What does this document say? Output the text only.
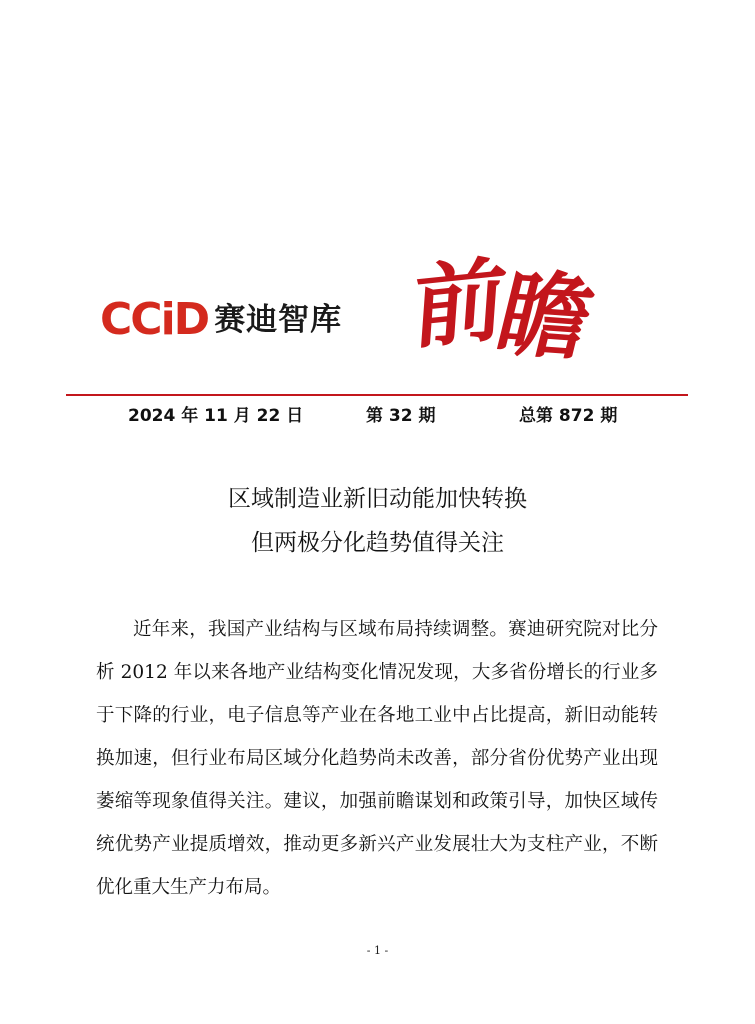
CCiD 赛迪智库 前瞻
2024 年 11 月 22 日	第 32 期	总第 872 期
区域制造业新旧动能加快转换
但两极分化趋势值得关注
近年来，我国产业结构与区域布局持续调整。赛迪研究院对比分析 2012 年以来各地产业结构变化情况发现，大多省份增长的行业多于下降的行业，电子信息等产业在各地工业中占比提高，新旧动能转换加速，但行业布局区域分化趋势尚未改善，部分省份优势产业出现萎缩等现象值得关注。建议，加强前瞻谋划和政策引导，加快区域传统优势产业提质增效，推动更多新兴产业发展壮大为支柱产业，不断优化重大生产力布局。
- 1 -
